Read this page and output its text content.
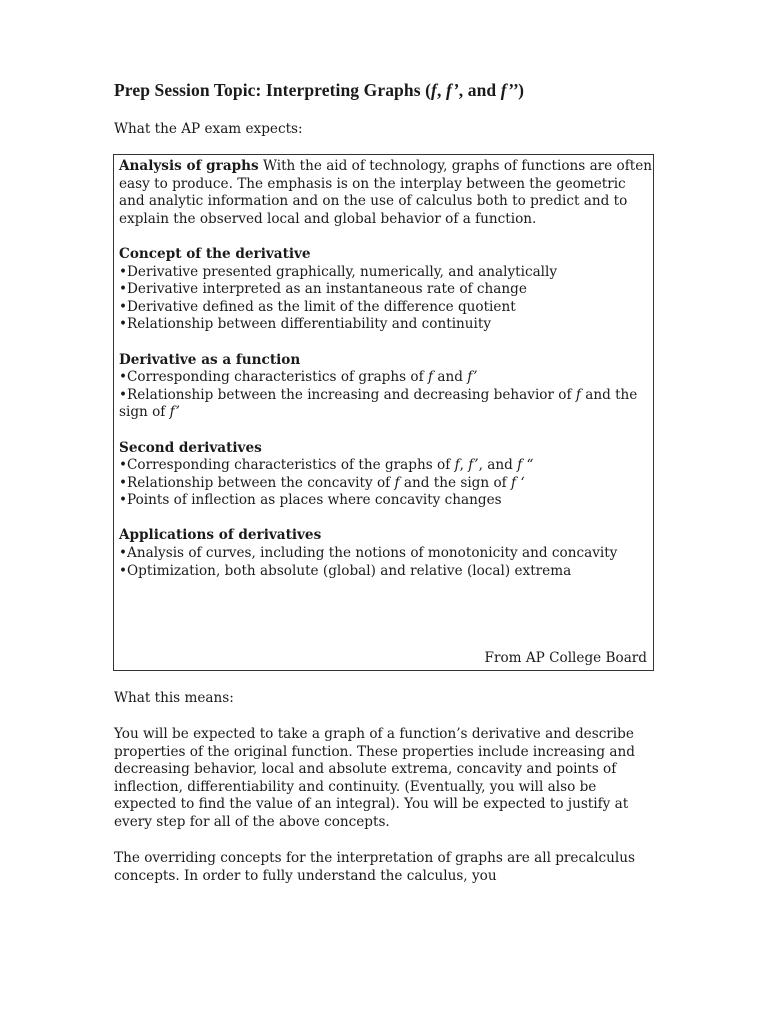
Prep Session Topic: Interpreting Graphs (f, f’, and f’’)
What the AP exam expects:
Analysis of graphs With the aid of technology, graphs of functions are often easy to produce. The emphasis is on the interplay between the geometric and analytic information and on the use of calculus both to predict and to explain the observed local and global behavior of a function.
Concept of the derivative
• Derivative presented graphically, numerically, and analytically
• Derivative interpreted as an instantaneous rate of change
• Derivative defined as the limit of the difference quotient
• Relationship between differentiability and continuity
Derivative as a function
• Corresponding characteristics of graphs of f and f’
• Relationship between the increasing and decreasing behavior of f and the sign of f’
Second derivatives
• Corresponding characteristics of the graphs of f, f’, and f “
• Relationship between the concavity of f and the sign of f ‘
• Points of inflection as places where concavity changes
Applications of derivatives
• Analysis of curves, including the notions of monotonicity and concavity
• Optimization, both absolute (global) and relative (local) extrema
From AP College Board
What this means:
You will be expected to take a graph of a function’s derivative and describe properties of the original function. These properties include increasing and decreasing behavior, local and absolute extrema, concavity and points of inflection, differentiability and continuity. (Eventually, you will also be expected to find the value of an integral). You will be expected to justify at every step for all of the above concepts.
The overriding concepts for the interpretation of graphs are all precalculus concepts. In order to fully understand the calculus, you
